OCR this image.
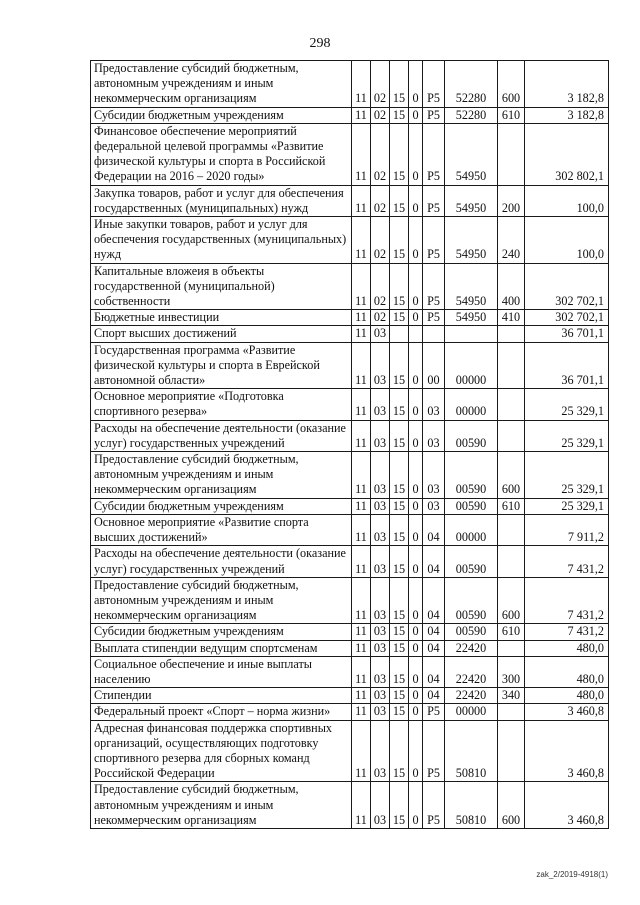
298
Предоставление субсидий бюджетным, автономным учреждениям и иным некоммерческим организациям	11	02	15	0	P5	52280	600	3 182,8
Субсидии бюджетным учреждениям	11	02	15	0	P5	52280	610	3 182,8
Финансовое обеспечение мероприятий федеральной целевой программы «Развитие физической культуры и спорта в Российской Федерации на 2016 – 2020 годы»	11	02	15	0	P5	54950		302 802,1
Закупка товаров, работ и услуг для обеспечения государственных (муниципальных) нужд	11	02	15	0	P5	54950	200	100,0
Иные закупки товаров, работ и услуг для обеспечения государственных (муниципальных) нужд	11	02	15	0	P5	54950	240	100,0
Капитальные вложеия в объекты государственной (муниципальной) собственности	11	02	15	0	P5	54950	400	302 702,1
Бюджетные инвестиции	11	02	15	0	P5	54950	410	302 702,1
Спорт высших достижений	11	03						36 701,1
Государственная программа «Развитие физической культуры и спорта в Еврейской автономной области»	11	03	15	0	00	00000		36 701,1
Основное мероприятие «Подготовка спортивного резерва»	11	03	15	0	03	00000		25 329,1
Расходы на обеспечение деятельности (оказание услуг) государственных учреждений	11	03	15	0	03	00590		25 329,1
Предоставление субсидий бюджетным, автономным учреждениям и иным некоммерческим организациям	11	03	15	0	03	00590	600	25 329,1
Субсидии бюджетным учреждениям	11	03	15	0	03	00590	610	25 329,1
Основное мероприятие «Развитие спорта высших достижений»	11	03	15	0	04	00000		7 911,2
Расходы на обеспечение деятельности (оказание услуг) государственных учреждений	11	03	15	0	04	00590		7 431,2
Предоставление субсидий бюджетным, автономным учреждениям и иным некоммерческим организациям	11	03	15	0	04	00590	600	7 431,2
Субсидии бюджетным учреждениям	11	03	15	0	04	00590	610	7 431,2
Выплата стипендии ведущим спортсменам	11	03	15	0	04	22420		480,0
Социальное обеспечение и иные выплаты населению	11	03	15	0	04	22420	300	480,0
Стипендии	11	03	15	0	04	22420	340	480,0
Федеральный проект «Спорт – норма жизни»	11	03	15	0	P5	00000		3 460,8
Адресная финансовая поддержка спортивных организаций, осуществляющих подготовку спортивного резерва для сборных команд Российской Федерации	11	03	15	0	P5	50810		3 460,8
Предоставление субсидий бюджетным, автономным учреждениям и иным некоммерческим организациям	11	03	15	0	P5	50810	600	3 460,8
zak_2/2019-4918(1)
